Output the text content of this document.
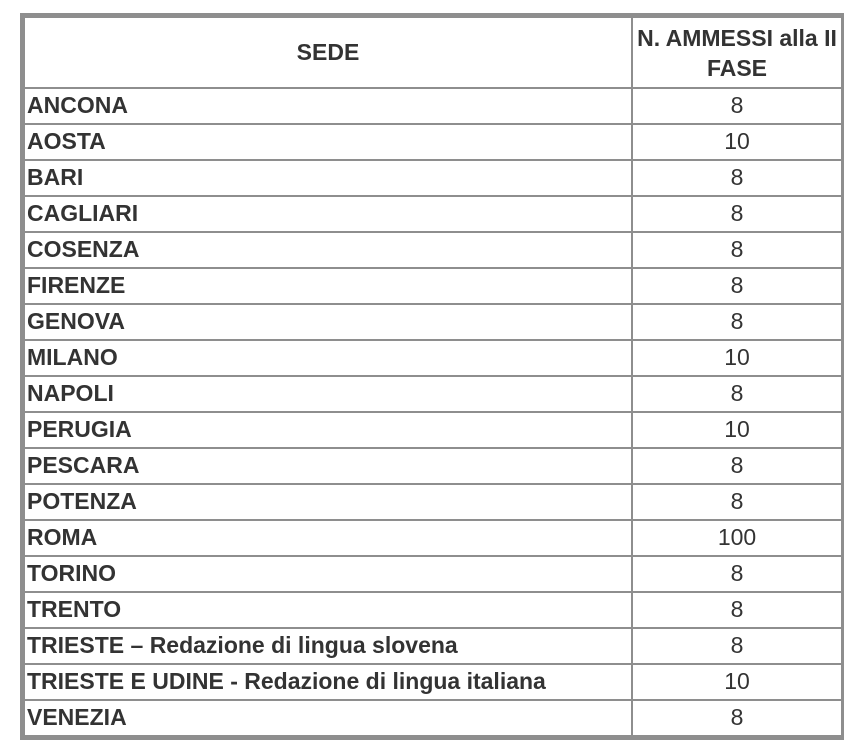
SEDE	N. AMMESSI alla II FASE
ANCONA	8
AOSTA	10
BARI	8
CAGLIARI	8
COSENZA	8
FIRENZE	8
GENOVA	8
MILANO	10
NAPOLI	8
PERUGIA	10
PESCARA	8
POTENZA	8
ROMA	100
TORINO	8
TRENTO	8
TRIESTE – Redazione di lingua slovena	8
TRIESTE E UDINE - Redazione di lingua italiana	10
VENEZIA	8
